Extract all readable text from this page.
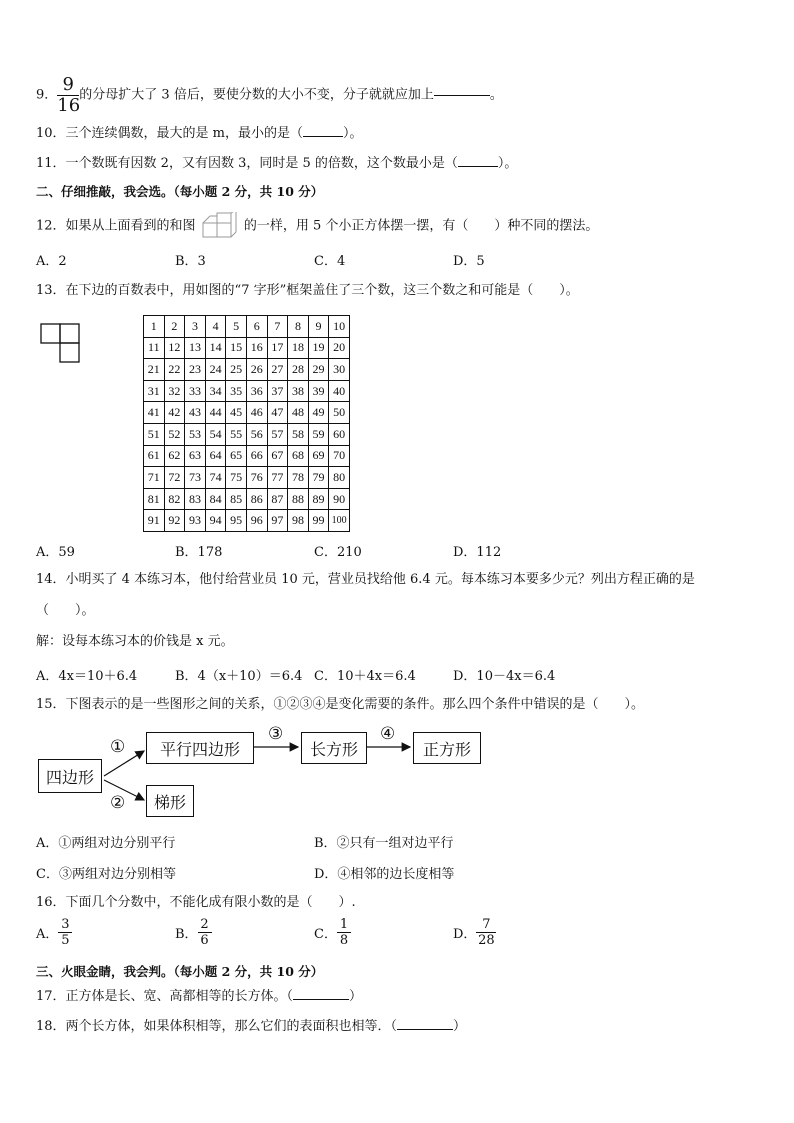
9． $\frac{9}{16}$ 的分母扩大了 3 倍后，要使分数的大小不变，分子就就应加上	。
10．三个连续偶数，最大的是 m，最小的是（	）。
11．一个数既有因数 2，又有因数 3，同时是 5 的倍数，这个数最小是（	）。
二、仔细推敲，我会选。（每小题 2 分，共 10 分）
12．如果从上面看到的和图	的一样，用 5 个小正方体摆一摆，有（　　）种不同的摆法。
A．2	B．3	C．4	D．5
13．在下边的百数表中，用如图的“7 字形”框架盖住了三个数，这三个数之和可能是（　　）。
1	2	3	4	5	6	7	8	9	10
11	12	13	14	15	16	17	18	19	20
21	22	23	24	25	26	27	28	29	30
31	32	33	34	35	36	37	38	39	40
41	42	43	44	45	46	47	48	49	50
51	52	53	54	55	56	57	58	59	60
61	62	63	64	65	66	67	68	69	70
71	72	73	74	75	76	77	78	79	80
81	82	83	84	85	86	87	88	89	90
91	92	93	94	95	96	97	98	99	100
A．59	B．178	C．210	D．112
14．小明买了 4 本练习本，他付给营业员 10 元，营业员找给他 6.4 元。每本练习本要多少元？列出方程正确的是
（　　）。
解：设每本练习本的价钱是 x 元。
A．4x＝10＋6.4	B．4（x＋10）＝6.4 C．10＋4x＝6.4	D．10－4x＝6.4
15．下图表示的是一些图形之间的关系，①②③④是变化需要的条件。那么四个条件中错误的是（　　）。
四边形
平行四边形	长方形	正方形
梯形
①
②
③	④
A．①两组对边分别平行	B．②只有一组对边平行
C．③两组对边分别相等	D．④相邻的边长度相等
16．下面几个分数中，不能化成有限小数的是（　　）.
A． $\frac{3}{5}$	B． $\frac{2}{6}$	C． $\frac{1}{8}$	D． $\frac{7}{28}$
三、火眼金睛，我会判。（每小题 2 分，共 10 分）
17．正方体是长、宽、高都相等的长方体。（	）
18．两个长方体，如果体积相等，那么它们的表面积也相等．（	）
